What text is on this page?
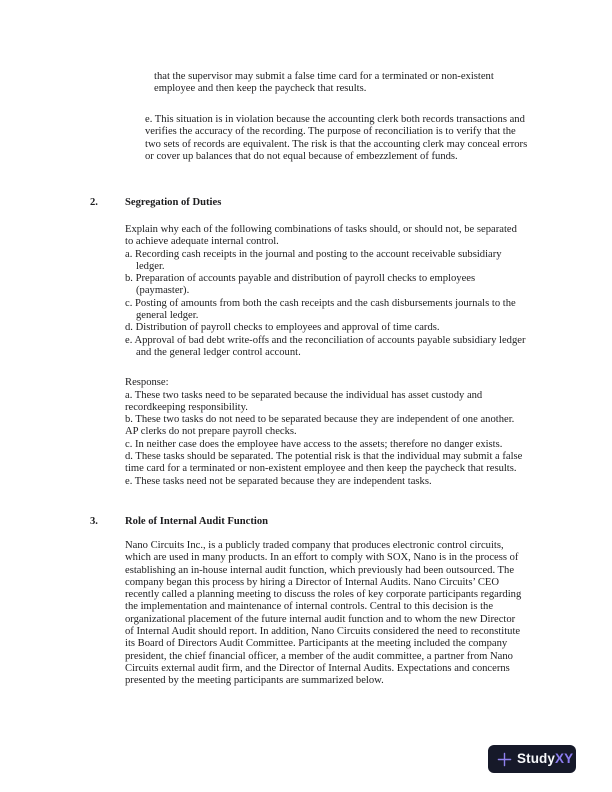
that the supervisor may submit a false time card for a terminated or non-existent employee and then keep the paycheck that results.
e. This situation is in violation because the accounting clerk both records transactions and verifies the accuracy of the recording. The purpose of reconciliation is to verify that the two sets of records are equivalent. The risk is that the accounting clerk may conceal errors or cover up balances that do not equal because of embezzlement of funds.
2.	Segregation of Duties
Explain why each of the following combinations of tasks should, or should not, be separated to achieve adequate internal control.
a. Recording cash receipts in the journal and posting to the account receivable subsidiary ledger.
b. Preparation of accounts payable and distribution of payroll checks to employees (paymaster).
c. Posting of amounts from both the cash receipts and the cash disbursements journals to the general ledger.
d. Distribution of payroll checks to employees and approval of time cards.
e. Approval of bad debt write-offs and the reconciliation of accounts payable subsidiary ledger and the general ledger control account.
Response:
a. These two tasks need to be separated because the individual has asset custody and recordkeeping responsibility.
b. These two tasks do not need to be separated because they are independent of one another. AP clerks do not prepare payroll checks.
c. In neither case does the employee have access to the assets; therefore no danger exists.
d. These tasks should be separated. The potential risk is that the individual may submit a false time card for a terminated or non-existent employee and then keep the paycheck that results.
e. These tasks need not be separated because they are independent tasks.
3.	Role of Internal Audit Function
Nano Circuits Inc., is a publicly traded company that produces electronic control circuits, which are used in many products. In an effort to comply with SOX, Nano is in the process of establishing an in-house internal audit function, which previously had been outsourced. The company began this process by hiring a Director of Internal Audits. Nano Circuits’ CEO recently called a planning meeting to discuss the roles of key corporate participants regarding the implementation and maintenance of internal controls. Central to this decision is the organizational placement of the future internal audit function and to whom the new Director of Internal Audit should report. In addition, Nano Circuits considered the need to reconstitute its Board of Directors Audit Committee. Participants at the meeting included the company president, the chief financial officer, a member of the audit committee, a partner from Nano Circuits external audit firm, and the Director of Internal Audits. Expectations and concerns presented by the meeting participants are summarized below.
StudyXY
